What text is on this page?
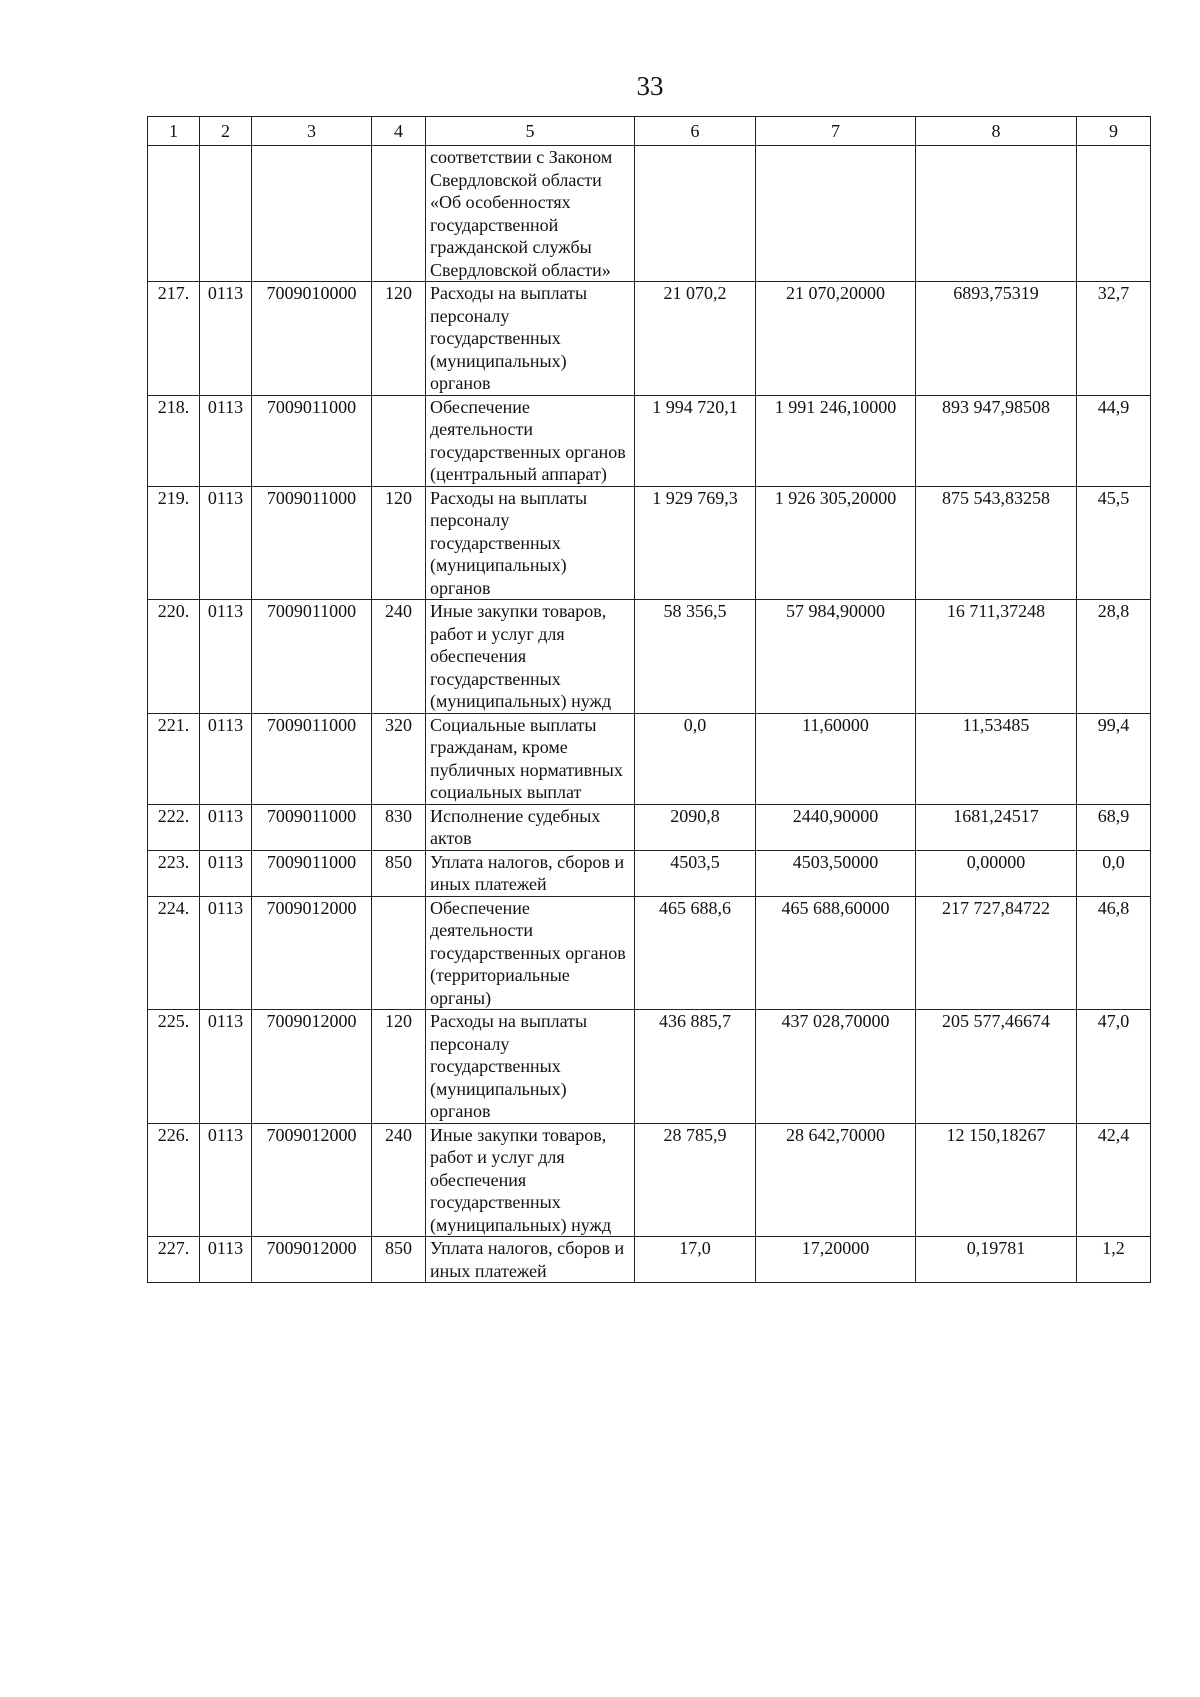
33
1	2	3	4	5	6	7	8	9
				соответствии с Законом Свердловской области «Об особенностях государственной гражданской службы Свердловской области»				
217.	0113	7009010000	120	Расходы на выплаты персоналу государственных (муниципальных) органов	21 070,2	21 070,20000	6893,75319	32,7
218.	0113	7009011000		Обеспечение деятельности государственных органов (центральный аппарат)	1 994 720,1	1 991 246,10000	893 947,98508	44,9
219.	0113	7009011000	120	Расходы на выплаты персоналу государственных (муниципальных) органов	1 929 769,3	1 926 305,20000	875 543,83258	45,5
220.	0113	7009011000	240	Иные закупки товаров, работ и услуг для обеспечения государственных (муниципальных) нужд	58 356,5	57 984,90000	16 711,37248	28,8
221.	0113	7009011000	320	Социальные выплаты гражданам, кроме публичных нормативных социальных выплат	0,0	11,60000	11,53485	99,4
222.	0113	7009011000	830	Исполнение судебных актов	2090,8	2440,90000	1681,24517	68,9
223.	0113	7009011000	850	Уплата налогов, сборов и иных платежей	4503,5	4503,50000	0,00000	0,0
224.	0113	7009012000		Обеспечение деятельности государственных органов (территориальные органы)	465 688,6	465 688,60000	217 727,84722	46,8
225.	0113	7009012000	120	Расходы на выплаты персоналу государственных (муниципальных) органов	436 885,7	437 028,70000	205 577,46674	47,0
226.	0113	7009012000	240	Иные закупки товаров, работ и услуг для обеспечения государственных (муниципальных) нужд	28 785,9	28 642,70000	12 150,18267	42,4
227.	0113	7009012000	850	Уплата налогов, сборов и иных платежей	17,0	17,20000	0,19781	1,2
